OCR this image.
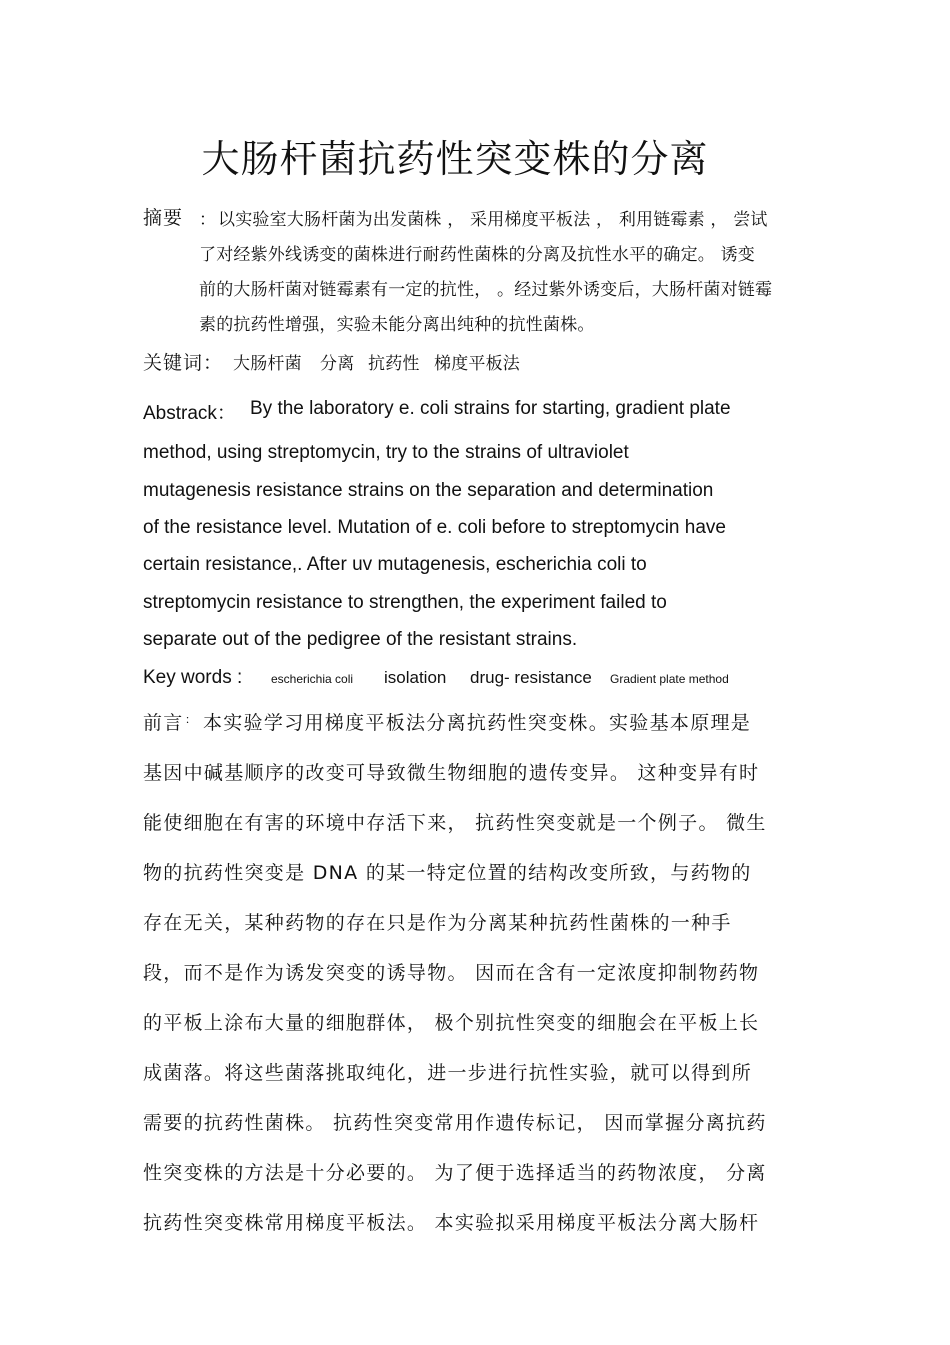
大肠杆菌抗药性突变株的分离
摘要 ： 以实验室大肠杆菌为出发菌株 ， 采用梯度平板法 ， 利用链霉素 ， 尝试
了对经紫外线诱变的菌株进行耐药性菌株的分离及抗性水平的确定。 诱变
前的大肠杆菌对链霉素有一定的抗性， 。经过紫外诱变后，大肠杆菌对链霉
素的抗药性增强，实验未能分离出纯种的抗性菌株。
关键词： 大肠杆菌 分离 抗药性 梯度平板法
Abstrack： By the laboratory e. coli strains for starting, gradient plate
method, using streptomycin, try to the strains of ultraviolet
mutagenesis resistance strains on the separation and determination
of the resistance level. Mutation of e. coli before to streptomycin have
certain resistance,. After uv mutagenesis, escherichia coli to
streptomycin resistance to strengthen, the experiment failed to
separate out of the pedigree of the resistant strains.
Key words : escherichia coli isolation drug- resistance Gradient plate method
前言 ： 本实验学习用梯度平板法分离抗药性突变株。实验基本原理是
基因中碱基顺序的改变可导致微生物细胞的遗传变异。 这种变异有时
能使细胞在有害的环境中存活下来， 抗药性突变就是一个例子。 微生
物的抗药性突变是 DNA 的某一特定位置的结构改变所致，与药物的
存在无关，某种药物的存在只是作为分离某种抗药性菌株的一种手
段，而不是作为诱发突变的诱导物。 因而在含有一定浓度抑制物药物
的平板上涂布大量的细胞群体， 极个别抗性突变的细胞会在平板上长
成菌落。将这些菌落挑取纯化，进一步进行抗性实验，就可以得到所
需要的抗药性菌株。 抗药性突变常用作遗传标记， 因而掌握分离抗药
性突变株的方法是十分必要的。 为了便于选择适当的药物浓度， 分离
抗药性突变株常用梯度平板法。 本实验拟采用梯度平板法分离大肠杆
